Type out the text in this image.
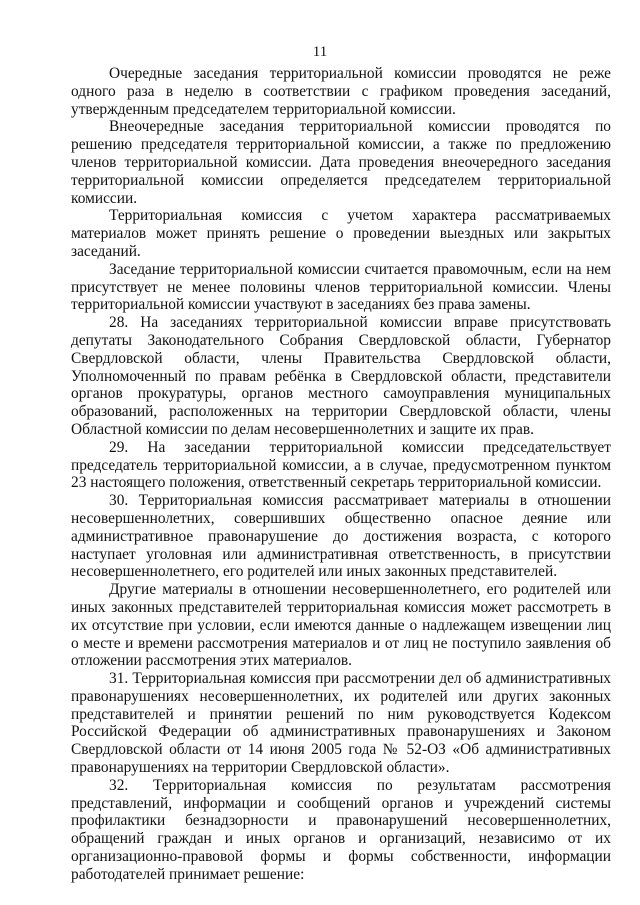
11

Очередные заседания территориальной комиссии проводятся не реже одного раза в неделю в соответствии с графиком проведения заседаний, утвержденным председателем территориальной комиссии.

Внеочередные заседания территориальной комиссии проводятся по решению председателя территориальной комиссии, а также по предложению членов территориальной комиссии. Дата проведения внеочередного заседания территориальной комиссии определяется председателем территориальной комиссии.

Территориальная комиссия с учетом характера рассматриваемых материалов может принять решение о проведении выездных или закрытых заседаний.

Заседание территориальной комиссии считается правомочным, если на нем присутствует не менее половины членов территориальной комиссии. Члены территориальной комиссии участвуют в заседаниях без права замены.

28. На заседаниях территориальной комиссии вправе присутствовать депутаты Законодательного Собрания Свердловской области, Губернатор Свердловской области, члены Правительства Свердловской области, Уполномоченный по правам ребёнка в Свердловской области, представители органов прокуратуры, органов местного самоуправления муниципальных образований, расположенных на территории Свердловской области, члены Областной комиссии по делам несовершеннолетних и защите их прав.

29. На заседании территориальной комиссии председательствует председатель территориальной комиссии, а в случае, предусмотренном пунктом 23 настоящего положения, ответственный секретарь территориальной комиссии.

30. Территориальная комиссия рассматривает материалы в отношении несовершеннолетних, совершивших общественно опасное деяние или административное правонарушение до достижения возраста, с которого наступает уголовная или административная ответственность, в присутствии несовершеннолетнего, его родителей или иных законных представителей.

Другие материалы в отношении несовершеннолетнего, его родителей или иных законных представителей территориальная комиссия может рассмотреть в их отсутствие при условии, если имеются данные о надлежащем извещении лиц о месте и времени рассмотрения материалов и от лиц не поступило заявления об отложении рассмотрения этих материалов.

31. Территориальная комиссия при рассмотрении дел об административных правонарушениях несовершеннолетних, их родителей или других законных представителей и принятии решений по ним руководствуется Кодексом Российской Федерации об административных правонарушениях и Законом Свердловской области от 14 июня 2005 года № 52-ОЗ «Об административных правонарушениях на территории Свердловской области».

32. Территориальная комиссия по результатам рассмотрения представлений, информации и сообщений органов и учреждений системы профилактики безнадзорности и правонарушений несовершеннолетних, обращений граждан и иных органов и организаций, независимо от их организационно-правовой формы и формы собственности, информации работодателей принимает решение:
